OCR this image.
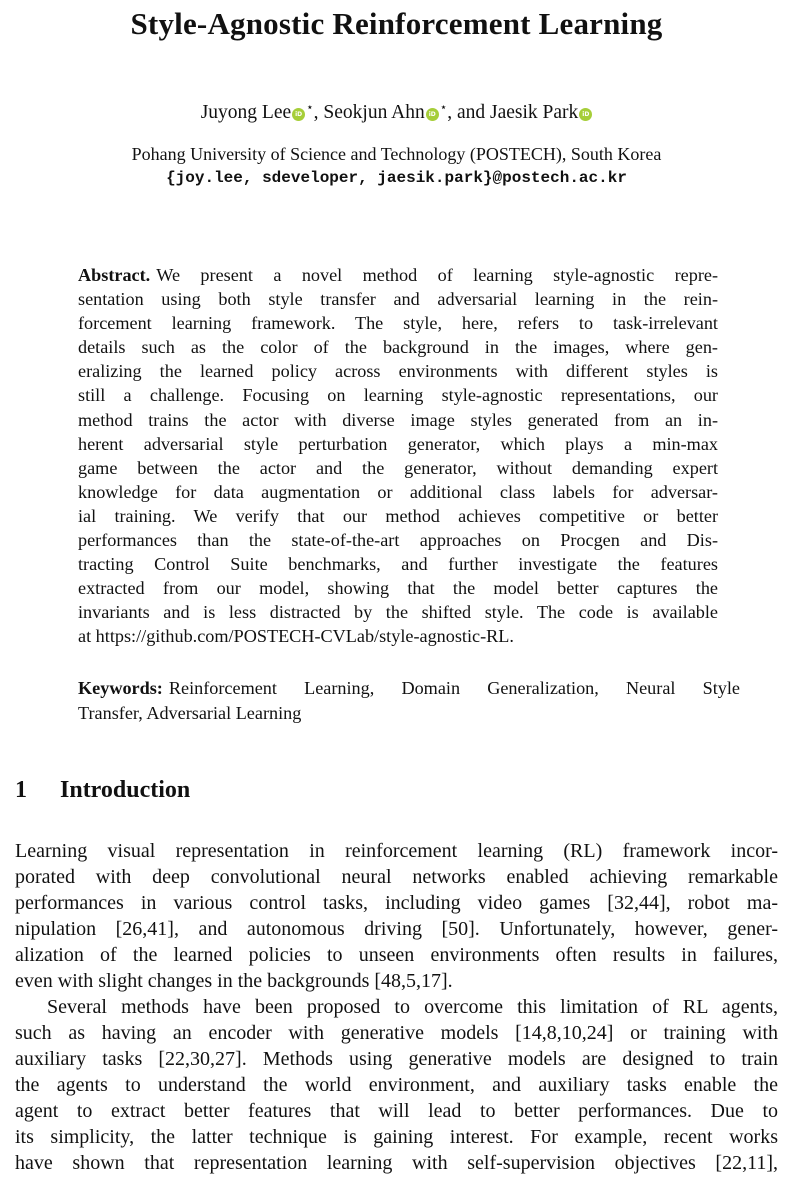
Style-Agnostic Reinforcement Learning
Juyong Lee iD⋆, Seokjun Ahn iD⋆, and Jaesik Park iD
Pohang University of Science and Technology (POSTECH), South Korea
{joy.lee, sdeveloper, jaesik.park}@postech.ac.kr
Abstract. We present a novel method of learning style-agnostic repre-
sentation using both style transfer and adversarial learning in the rein-
forcement learning framework. The style, here, refers to task-irrelevant
details such as the color of the background in the images, where gen-
eralizing the learned policy across environments with different styles is
still a challenge. Focusing on learning style-agnostic representations, our
method trains the actor with diverse image styles generated from an in-
herent adversarial style perturbation generator, which plays a min-max
game between the actor and the generator, without demanding expert
knowledge for data augmentation or additional class labels for adversar-
ial training. We verify that our method achieves competitive or better
performances than the state-of-the-art approaches on Procgen and Dis-
tracting Control Suite benchmarks, and further investigate the features
extracted from our model, showing that the model better captures the
invariants and is less distracted by the shifted style. The code is available
at https://github.com/POSTECH-CVLab/style-agnostic-RL.
Keywords: Reinforcement Learning, Domain Generalization, Neural Style
Transfer, Adversarial Learning
1 Introduction

Learning visual representation in reinforcement learning (RL) framework incor-
porated with deep convolutional neural networks enabled achieving remarkable
performances in various control tasks, including video games [32,44], robot ma-
nipulation [26,41], and autonomous driving [50]. Unfortunately, however, gener-
alization of the learned policies to unseen environments often results in failures,
even with slight changes in the backgrounds [48,5,17].

Several methods have been proposed to overcome this limitation of RL agents,
such as having an encoder with generative models [14,8,10,24] or training with
auxiliary tasks [22,30,27]. Methods using generative models are designed to train
the agents to understand the world environment, and auxiliary tasks enable the
agent to extract better features that will lead to better performances. Due to
its simplicity, the latter technique is gaining interest. For example, recent works
have shown that representation learning with self-supervision objectives [22,11],
